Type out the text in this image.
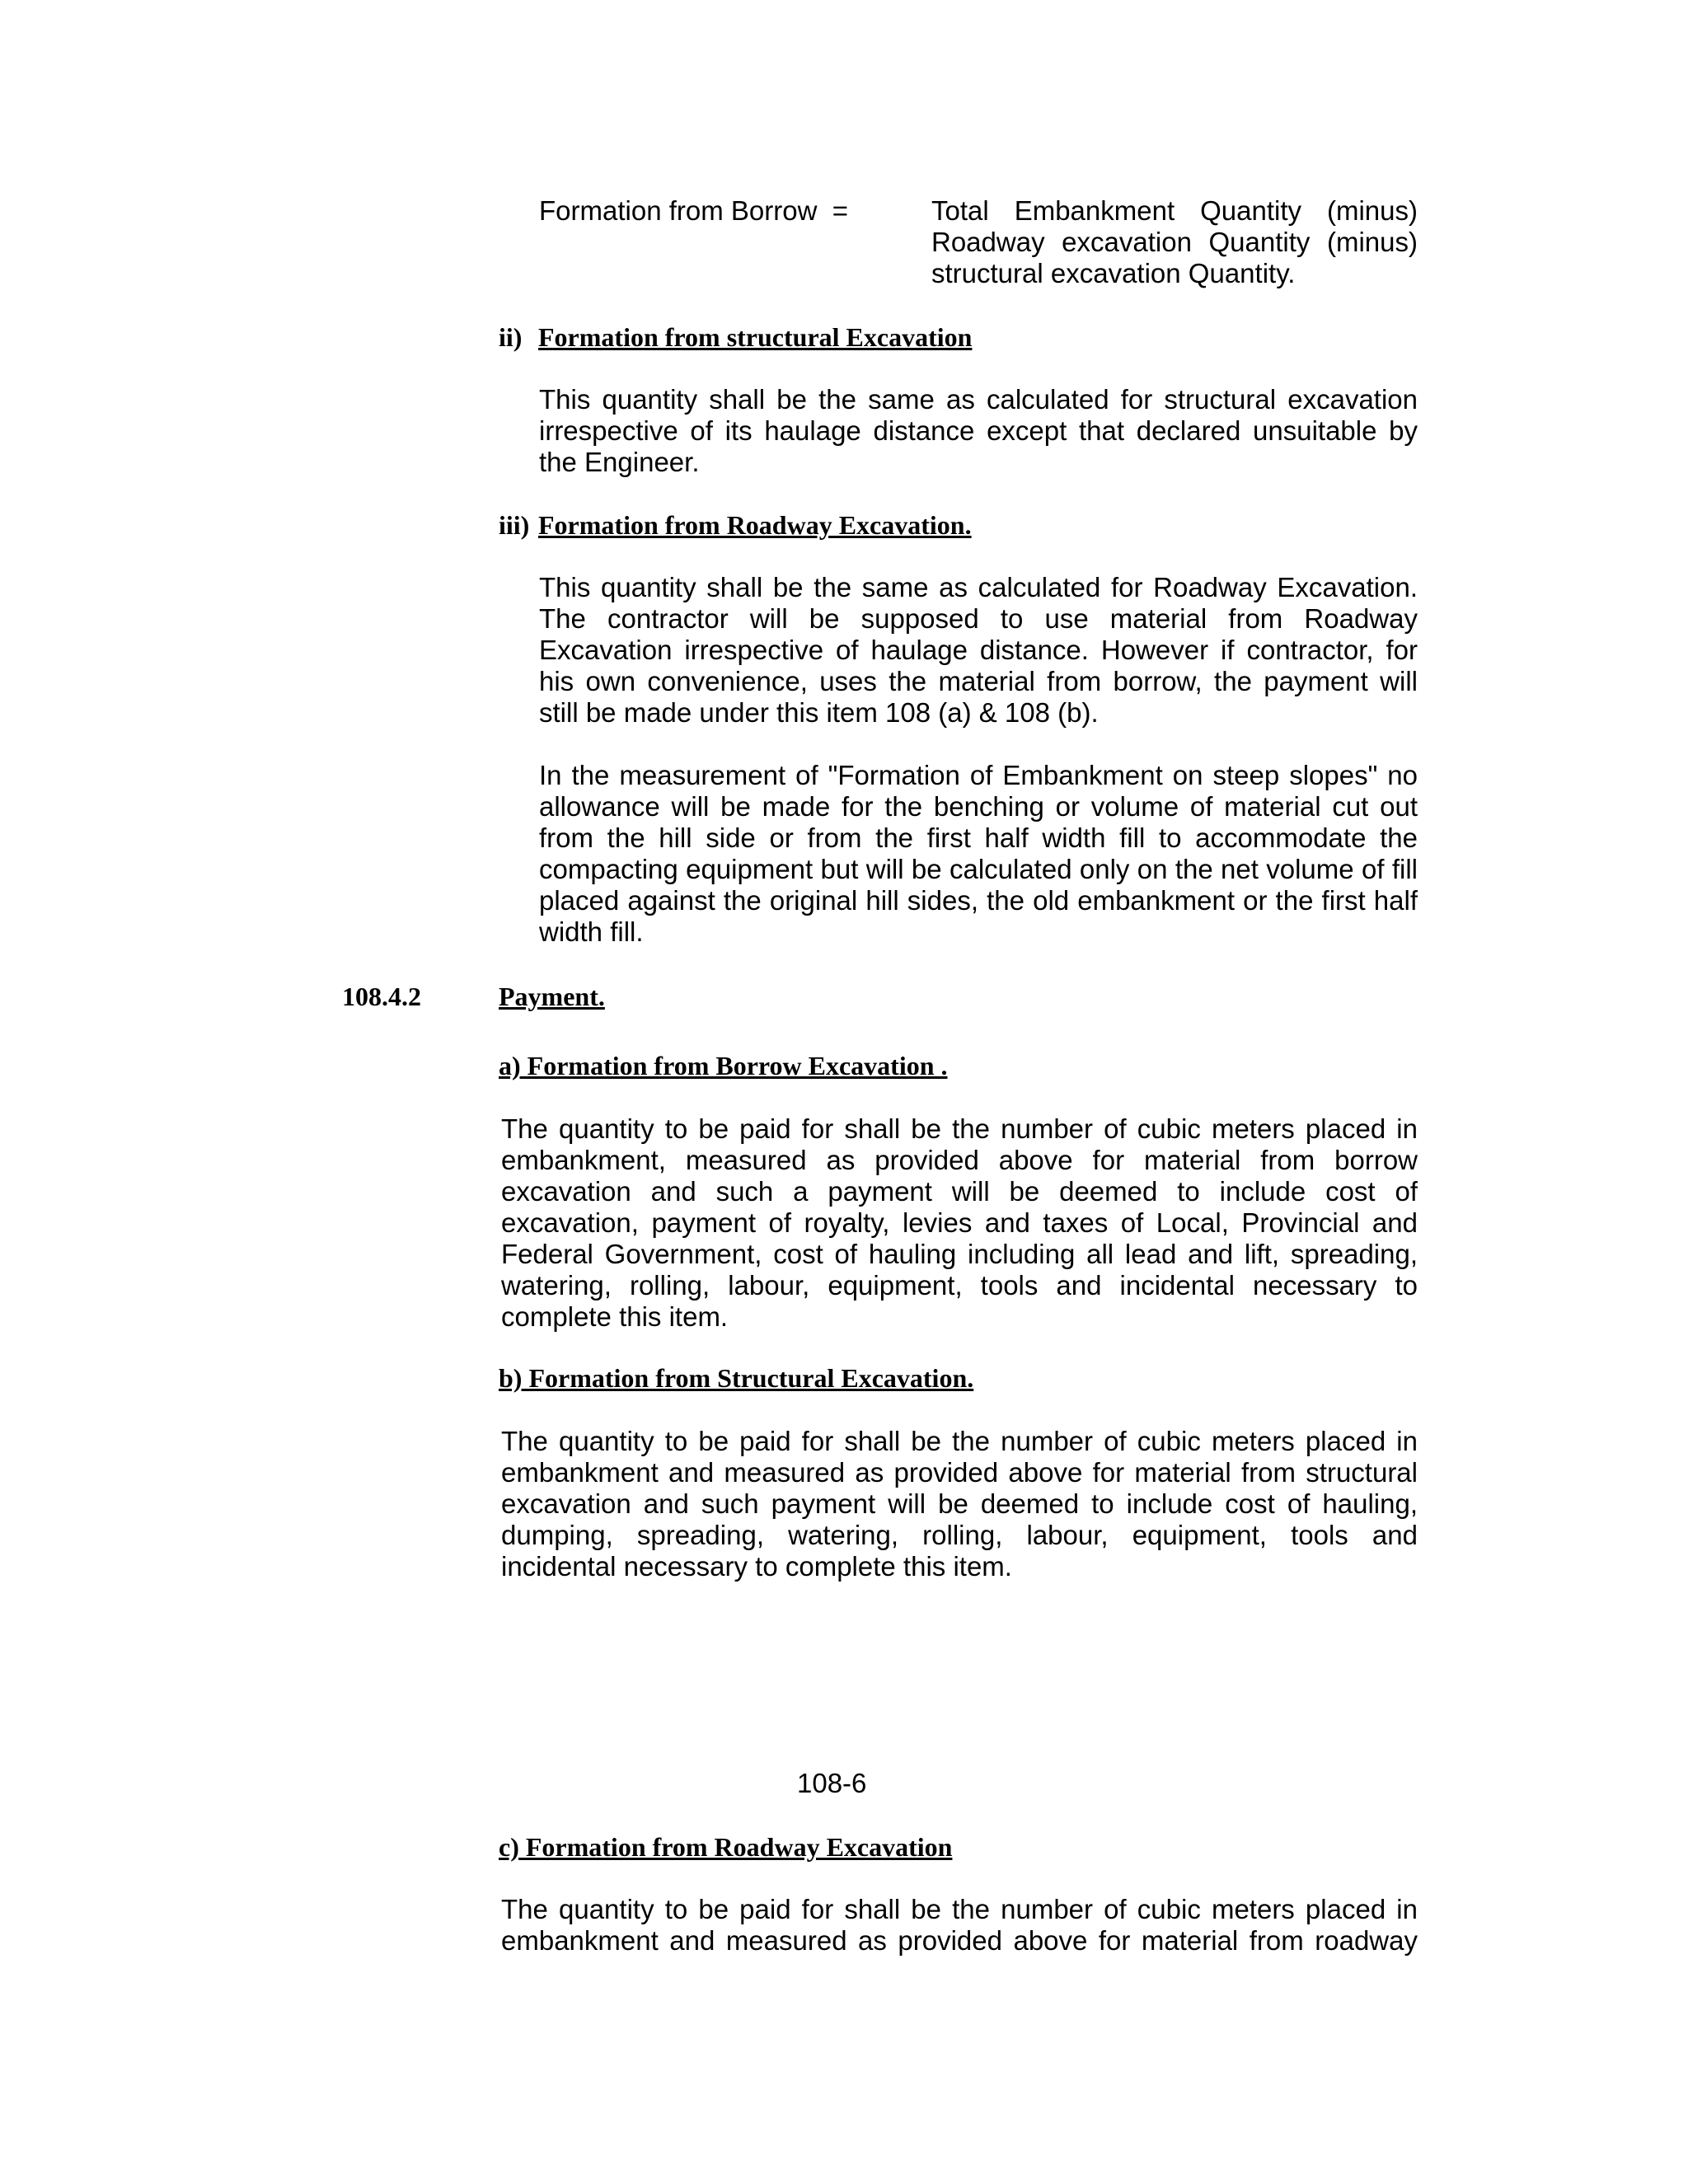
Formation from Borrow  =	Total Embankment Quantity (minus)
Roadway excavation Quantity (minus)
structural excavation Quantity.
ii) Formation from structural Excavation

This quantity shall be the same as calculated for structural excavation irrespective of its haulage distance except that declared unsuitable by the Engineer.

iii) Formation from Roadway Excavation.

This quantity shall be the same as calculated for Roadway Excavation. The contractor will be supposed to use material from Roadway Excavation irrespective of haulage distance. However if contractor, for his own convenience, uses the material from borrow, the payment will still be made under this item 108 (a) & 108 (b).

In the measurement of "Formation of Embankment on steep slopes" no allowance will be made for the benching or volume of material cut out from the hill side or from the first half width fill to accommodate the compacting equipment but will be calculated only on the net volume of fill placed against the original hill sides, the old embankment or the first half width fill.

108.4.2	Payment.
a) Formation from Borrow Excavation .

The quantity to be paid for shall be the number of cubic meters placed in embankment, measured as provided above for material from borrow excavation and such a payment will be deemed to include cost of excavation, payment of royalty, levies and taxes of Local, Provincial and Federal Government, cost of hauling including all lead and lift, spreading, watering, rolling, labour, equipment, tools and incidental necessary to complete this item.

b) Formation from Structural Excavation.

The quantity to be paid for shall be the number of cubic meters placed in embankment and measured as provided above for material from structural excavation and such payment will be deemed to include cost of hauling, dumping, spreading, watering, rolling, labour, equipment, tools and incidental necessary to complete this item.

108-6
c) Formation from Roadway Excavation

The quantity to be paid for shall be the number of cubic meters placed in embankment and measured as provided above for material from roadway
